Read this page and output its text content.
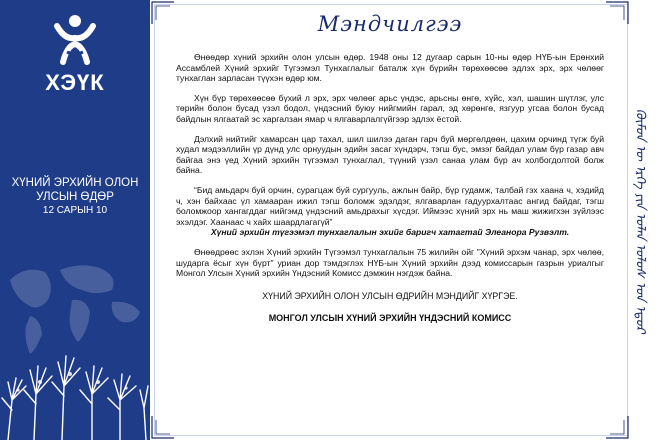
ХЭҮК
ХҮНИЙ ЭРХИЙН ОЛОН
УЛСЫН ӨДӨР
12 САРЫН 10
Мэндчилгээ

Өнөөдөр хүний эрхийн олон улсын өдөр. 1948 оны 12 дугаар сарын 10-ны өдөр НҮБ-ын Ерөнхий Ассамблей Хүний эрхийг Түгээмэл Тунхаглалыг баталж хүн бүрийн төрөхөөсөө эдлэх эрх, эрх чөлөөг тунхаглан зарласан түүхэн өдөр юм.

Хүн бүр төрөхөөсөө бүхий л эрх, эрх чөлөөг арьс үндэс, арьсны өнгө, хүйс, хэл, шашин шүтлэг, улс төрийн болон бусад үзэл бодол, үндэсний буюу нийгмийн гарал, эд хөрөнгө, язгуур угсаа болон бусад байдлын ялгаатай эс харгалзан ямар ч ялгаварлалгүйгээр эдлэх ёстой.

Дэлхий нийтийг хамарсан цар тахал, шил шилээ даган гарч буй мөргөлдөөн, цахим орчинд түгж буй худал мэдээллийн үр дүнд улс орнуудын эдийн засаг хүндэрч, тэгш бус, эмзэг байдал улам бүр газар авч байгаа энэ үед Хүний эрхийн түгээмэл тунхаглал, түүний үзэл санаа улам бүр ач холбогдолтой болж байна.

“Бид амьдарч буй орчин, сурагцаж буй сургууль, ажлын байр, бүр гудамж, талбай гэх хаана ч, хэдийд ч, хэн байхаас үл хамааран ижил тэгш боломж эдэлдэг, ялгаварлан гадуурхалтаас ангид байдаг, тэгш боломжоор хангагддаг нийгэмд үндэсний амьдрахыг хүсдэг. Иймээс хүний эрх нь маш жижигхэн зүйлээс эхэлдэг. Хаанаас ч хайх шаардлагагүй”
Хүний эрхийн түгээмэл тунхаглалын эхийг баригч хатагтай Элеанора Рузвэлт.

Өнөөдрөөс эхлэн Хүний эрхийн Түгээмэл тунхаглалын 75 жилийн ойг "Хүний эрхэм чанар, эрх чөлөө, шударга ёсыг хүн бүрт" уриан дор тэмдэглэх НҮБ-ын Хүний эрхийн дээд комиссарын газрын уриалгыг Монгол Улсын Хүний эрхийн Үндэсний Комисс дэмжин нэгдэж байна.

ХҮНИЙ ЭРХИЙН ОЛОН УЛСЫН ӨДРИЙН МЭНДИЙГ ХҮРГЭЕ.

МОНГОЛ УЛСЫН ХҮНИЙ ЭРХИЙН ҮНДЭСНИЙ КОМИСС	ᠬᠦᠮᠦᠨ ᠦ ᠡᠷᠬᠡ ᠶᠢᠨ ᠣᠯᠠᠨ ᠤᠯᠤᠰ ᠤᠨ ᠡᠳᠦᠷ
